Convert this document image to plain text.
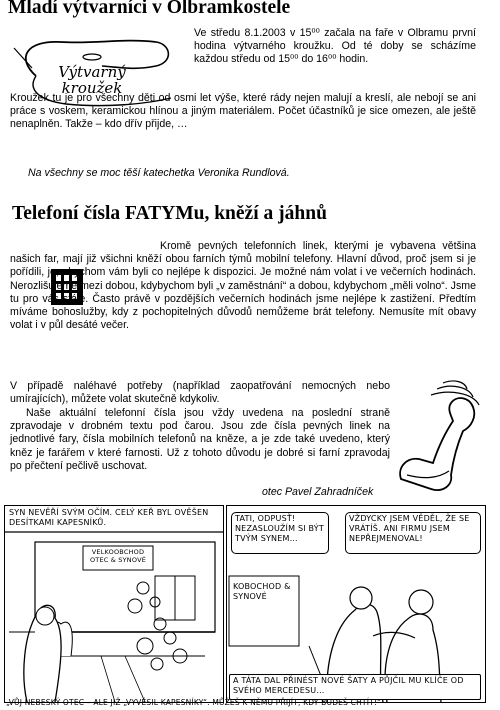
Mladí výtvarníci v Olbramkostele
Výtvarný kroužek

Ve středu 8.1.2003 v 15⁰⁰ začala na faře v Olbramu první hodina výtvarného kroužku. Od té doby se scházíme každou středu od 15⁰⁰ do 16⁰⁰ hodin.

Kroužek tu je pro všechny děti od osmi let výše, které rády nejen malují a kreslí, ale nebojí se ani práce s voskem, keramickou hlínou a jiným materiálem. Počet účastníků je sice omezen, ale ještě nenaplněn. Takže – kdo dřív přijde, …

Na všechny se moc těší katechetka Veronika Rundlová.
Telefoní čísla FATYMu, kněží a jáhnů

Kromě pevných telefonních linek, kterými je vybavena většina našich far, mají již všichni kněží obou farních týmů mobilní telefony. Hlavní důvod, proč jsem si je pořídili, je, abychom vám byli co nejlépe k dispozici. Je možné nám volat i ve večerních hodinách. Nerozlišujeme mezi dobou, kdybychom byli „v zaměstnání“ a dobou, kdybychom „měli volno“. Jsme tu pro vás stále. Často právě v pozdějších večerních hodinách jsme nejlépe k zastižení. Předtím míváme bohoslužby, kdy z pochopitelných důvodů nemůžeme brát telefony. Nemusíte mít obavy volat i v půl desáté večer.

V případě naléhavé potřeby (například zaopatřování nemocných nebo umírajících), můžete volat skutečně kdykoliv.

Naše aktuální telefonní čísla jsou vždy uvedena na poslední straně zpravodaje v drobném textu pod čarou. Jsou zde čísla pevných linek na jednotlivé fary, čísla mobilních telefonů na kněze, a je zde také uvedeno, který kněz je farářem v které farnosti. Už z tohoto důvodu je dobré si farní zpravodaj po přečtení pečlivě uschovat.

otec Pavel Zahradníček
SYN NEVĚŘÍ SVÝM OČÍM. CELÝ KEŘ BYL OVĚŠEN DESÍTKAMI KAPESNÍKŮ.
VELKOOBCHOD OTEC & SYNOVÉ
TATI, ODPUSŤ! NEZASLOUŽÍM SI BÝT TVÝM SYNEM…
VŽDYCKY JSEM VĚDĚL, ŽE SE VRÁTÍŠ. ANI FIRMU JSEM NEPŘEJMENOVAL!
KOBOCHOD & SYNOVÉ
A TÁTA DAL PŘINÉST NOVÉ ŠATY A PŮJČIL MU KLÍČE OD SVÉHO MERCEDESU…
„VŮJ NEBESKÝ OTEC – ALE JIŽ „VYVĚSIL KAPESNÍKY“. MŮŽEŠ K NĚMU PŘIJÍT, KDY BUDEŠ CHTÍT!“
